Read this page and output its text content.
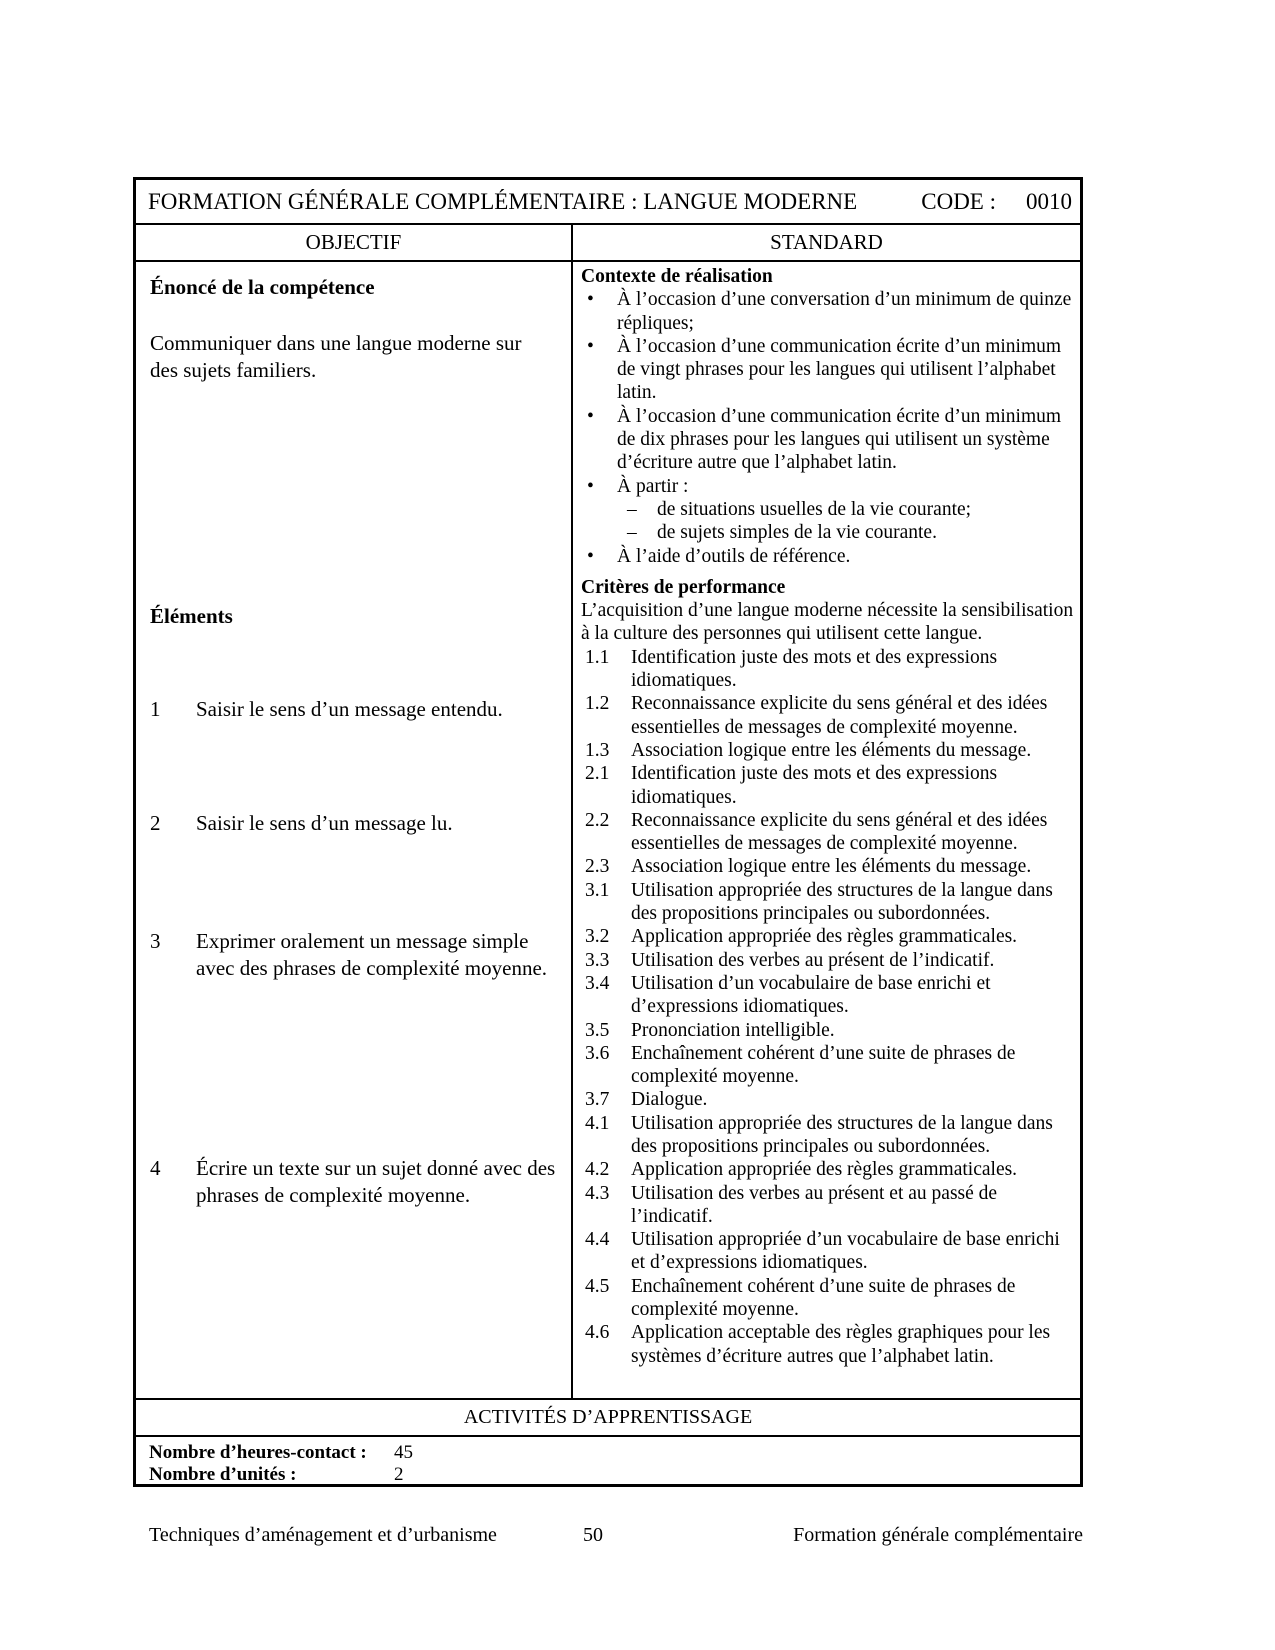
FORMATION GÉNÉRALE COMPLÉMENTAIRE : LANGUE MODERNE	CODE : 0010
OBJECTIF	STANDARD
Énoncé de la compétence
Communiquer dans une langue moderne sur des sujets familiers.
Éléments
1 Saisir le sens d’un message entendu.
2 Saisir le sens d’un message lu.
3 Exprimer oralement un message simple avec des phrases de complexité moyenne.
4 Écrire un texte sur un sujet donné avec des phrases de complexité moyenne.
Contexte de réalisation
• À l’occasion d’une conversation d’un minimum de quinze répliques;
• À l’occasion d’une communication écrite d’un minimum de vingt phrases pour les langues qui utilisent l’alphabet latin.
• À l’occasion d’une communication écrite d’un minimum de dix phrases pour les langues qui utilisent un système d’écriture autre que l’alphabet latin.
• À partir :
– de situations usuelles de la vie courante;
– de sujets simples de la vie courante.
• À l’aide d’outils de référence.
Critères de performance
L’acquisition d’une langue moderne nécessite la sensibilisation à la culture des personnes qui utilisent cette langue.
1.1 Identification juste des mots et des expressions idiomatiques.
1.2 Reconnaissance explicite du sens général et des idées essentielles de messages de complexité moyenne.
1.3 Association logique entre les éléments du message.
2.1 Identification juste des mots et des expressions idiomatiques.
2.2 Reconnaissance explicite du sens général et des idées essentielles de messages de complexité moyenne.
2.3 Association logique entre les éléments du message.
3.1 Utilisation appropriée des structures de la langue dans des propositions principales ou subordonnées.
3.2 Application appropriée des règles grammaticales.
3.3 Utilisation des verbes au présent de l’indicatif.
3.4 Utilisation d’un vocabulaire de base enrichi et d’expressions idiomatiques.
3.5 Prononciation intelligible.
3.6 Enchaînement cohérent d’une suite de phrases de complexité moyenne.
3.7 Dialogue.
4.1 Utilisation appropriée des structures de la langue dans des propositions principales ou subordonnées.
4.2 Application appropriée des règles grammaticales.
4.3 Utilisation des verbes au présent et au passé de l’indicatif.
4.4 Utilisation appropriée d’un vocabulaire de base enrichi et d’expressions idiomatiques.
4.5 Enchaînement cohérent d’une suite de phrases de complexité moyenne.
4.6 Application acceptable des règles graphiques pour les systèmes d’écriture autres que l’alphabet latin.
ACTIVITÉS D’APPRENTISSAGE
Nombre d’heures-contact :	45
Nombre d’unités :	2
Techniques d’aménagement et d’urbanisme	50	Formation générale complémentaire
